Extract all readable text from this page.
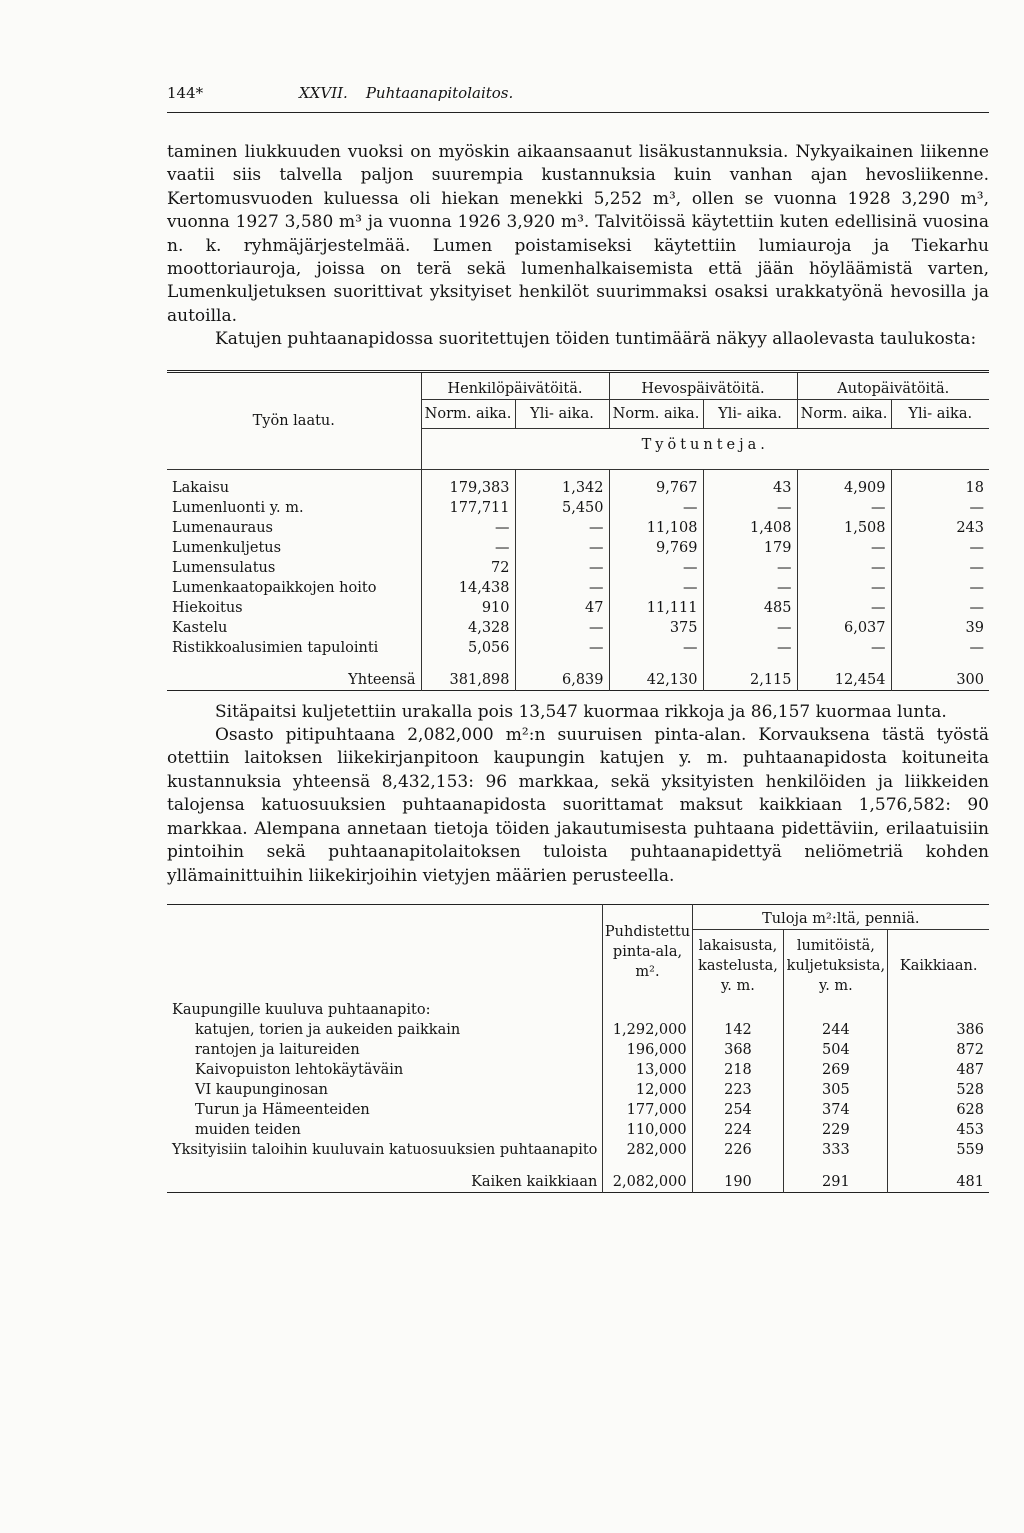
144*	XXVII. Puhtaanapitolaitos.

taminen liukkuuden vuoksi on myöskin aikaansaanut lisäkustannuksia. Nykyaikainen liikenne vaatii siis talvella paljon suurempia kustannuksia kuin vanhan ajan hevosliikenne. Kertomusvuoden kuluessa oli hiekan menekki 5,252 m³, ollen se vuonna 1928 3,290 m³, vuonna 1927 3,580 m³ ja vuonna 1926 3,920 m³. Talvitöissä käytettiin kuten edellisinä vuosina n. k. ryhmäjärjestelmää. Lumen poistamiseksi käytettiin lumiauroja ja Tiekarhu moottoriauroja, joissa on terä sekä lumenhalkaisemista että jään höyläämistä varten, Lumenkuljetuksen suorittivat yksityiset henkilöt suurimmaksi osaksi urakkatyönä hevosilla ja autoilla.

Katujen puhtaanapidossa suoritettujen töiden tuntimäärä näkyy allaolevasta taulukosta:

Työn laatu.	Henkilöpäivätöitä.		Hevospäivätöitä.		Autopäivätöitä.	
	Norm. aika.	Yli- aika.	Norm. aika.	Yli- aika.	Norm. aika.	Yli- aika.
	Työtunteja.					

Lakaisu	179,383	1,342	9,767	43	4,909	18
Lumenluonti y. m.	177,711	5,450	—	—	—	—
Lumenauraus	—	—	11,108	1,408	1,508	243
Lumenkuljetus	—	—	9,769	179	—	—
Lumensulatus	72	—	—	—	—	—
Lumenkaatopaikkojen hoito	14,438	—	—	—	—	—
Hiekoitus	910	47	11,111	485	—	—
Kastelu	4,328	—	375	—	6,037	39
Ristikkoalusimien tapulointi	5,056	—	—	—	—	—
Yhteensä	381,898	6,839	42,130	2,115	12,454	300

Sitäpaitsi kuljetettiin urakalla pois 13,547 kuormaa rikkoja ja 86,157 kuormaa lunta.

Osasto pitipuhtaana 2,082,000 m²:n suuruisen pinta-alan. Korvauksena tästä työstä otettiin laitoksen liikekirjanpitoon kaupungin katujen y. m. puhtaanapidosta koituneita kustannuksia yhteensä 8,432,153: 96 markkaa, sekä yksityisten henkilöiden ja liikkeiden talojensa katuosuuksien puhtaanapidosta suorittamat maksut kaikkiaan 1,576,582: 90 markkaa. Alempana annetaan tietoja töiden jakautumisesta puhtaana pidettäviin, erilaatuisiin pintoihin sekä puhtaanapitolaitoksen tuloista puhtaanapidettyä neliömetriä kohden yllämainittuihin liikekirjoihin vietyjen määrien perusteella.

	Puhdistettu pinta-ala, m².	Tuloja m²:ltä, penniä.		
		lakaisusta, kastelusta, y. m.	lumitöistä, kuljetuksista, y. m.	Kaikkiaan.
Kaupungille kuuluva puhtaanapito:				
katujen, torien ja aukeiden paikkain	1,292,000	142	244	386
rantojen ja laitureiden	196,000	368	504	872
Kaivopuiston lehtokäytäväin	13,000	218	269	487
VI kaupunginosan	12,000	223	305	528
Turun ja Hämeenteiden	177,000	254	374	628
muiden teiden	110,000	224	229	453
Yksityisiin taloihin kuuluvain katuosuuksien puhtaanapito	282,000	226	333	559
Kaiken kaikkiaan	2,082,000	190	291	481
